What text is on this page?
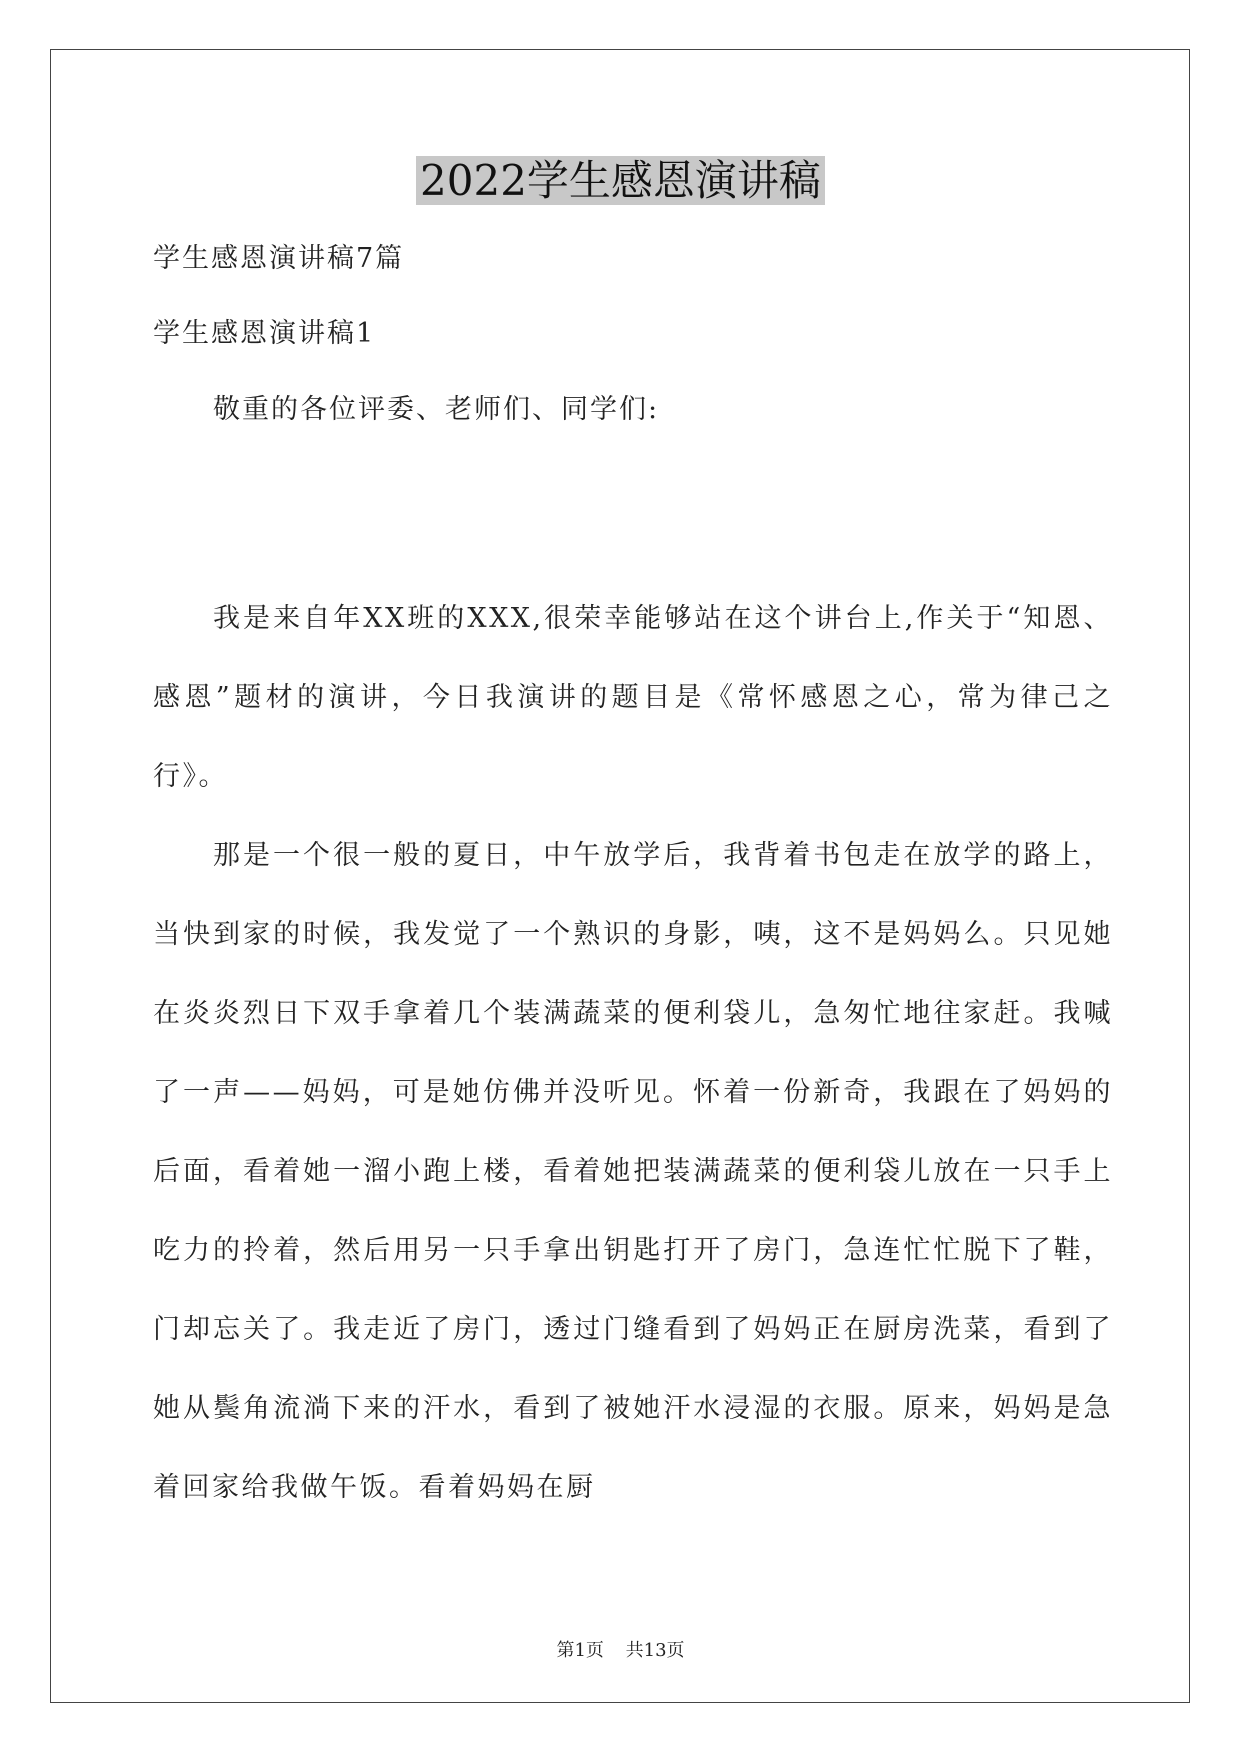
2022学生感恩演讲稿

学生感恩演讲稿7篇

学生感恩演讲稿1

敬重的各位评委、老师们、同学们:

我是来自年XX班的XXX,很荣幸能够站在这个讲台上,作关于“知恩、感恩”题材的演讲，今日我演讲的题目是《常怀感恩之心，常为律己之行》。

那是一个很一般的夏日，中午放学后，我背着书包走在放学的路上，当快到家的时候，我发觉了一个熟识的身影，咦，这不是妈妈么。只见她在炎炎烈日下双手拿着几个装满蔬菜的便利袋儿，急匆忙地往家赶。我喊了一声——妈妈，可是她仿佛并没听见。怀着一份新奇，我跟在了妈妈的后面，看着她一溜小跑上楼，看着她把装满蔬菜的便利袋儿放在一只手上吃力的拎着，然后用另一只手拿出钥匙打开了房门，急连忙忙脱下了鞋，门却忘关了。我走近了房门，透过门缝看到了妈妈正在厨房洗菜，看到了她从鬓角流淌下来的汗水，看到了被她汗水浸湿的衣服。原来，妈妈是急着回家给我做午饭。看着妈妈在厨

第1页 共13页
